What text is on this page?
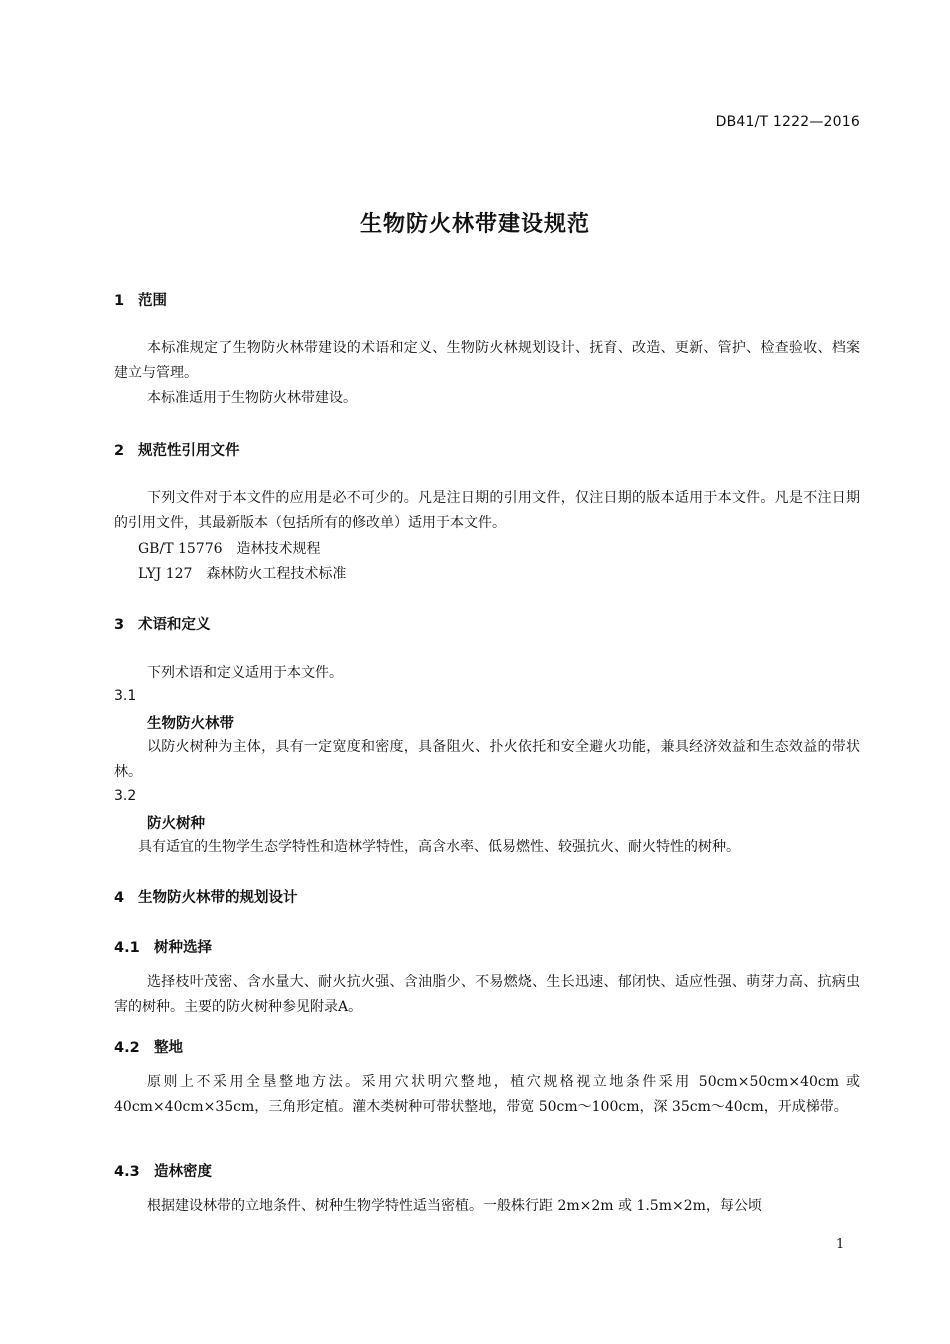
DB41/T 1222—2016
生物防火林带建设规范
1 范围
本标准规定了生物防火林带建设的术语和定义、生物防火林规划设计、抚育、改造、更新、管护、检查验收、档案建立与管理。
本标准适用于生物防火林带建设。
2 规范性引用文件
下列文件对于本文件的应用是必不可少的。凡是注日期的引用文件，仅注日期的版本适用于本文件。凡是不注日期的引用文件，其最新版本（包括所有的修改单）适用于本文件。
GB/T 15776 造林技术规程
LYJ 127 森林防火工程技术标准
3 术语和定义
下列术语和定义适用于本文件。
3.1
生物防火林带
以防火树种为主体，具有一定宽度和密度，具备阻火、扑火依托和安全避火功能，兼具经济效益和生态效益的带状林。
3.2
防火树种
具有适宜的生物学生态学特性和造林学特性，高含水率、低易燃性、较强抗火、耐火特性的树种。
4 生物防火林带的规划设计
4.1 树种选择
选择枝叶茂密、含水量大、耐火抗火强、含油脂少、不易燃烧、生长迅速、郁闭快、适应性强、萌芽力高、抗病虫害的树种。主要的防火树种参见附录A。
4.2 整地
原则上不采用全垦整地方法。采用穴状明穴整地，植穴规格视立地条件采用 50cm×50cm×40cm 或 40cm×40cm×35cm，三角形定植。灌木类树种可带状整地，带宽 50cm～100cm，深 35cm～40cm，开成梯带。
4.3 造林密度
根据建设林带的立地条件、树种生物学特性适当密植。一般株行距 2m×2m 或 1.5m×2m，每公顷
1
